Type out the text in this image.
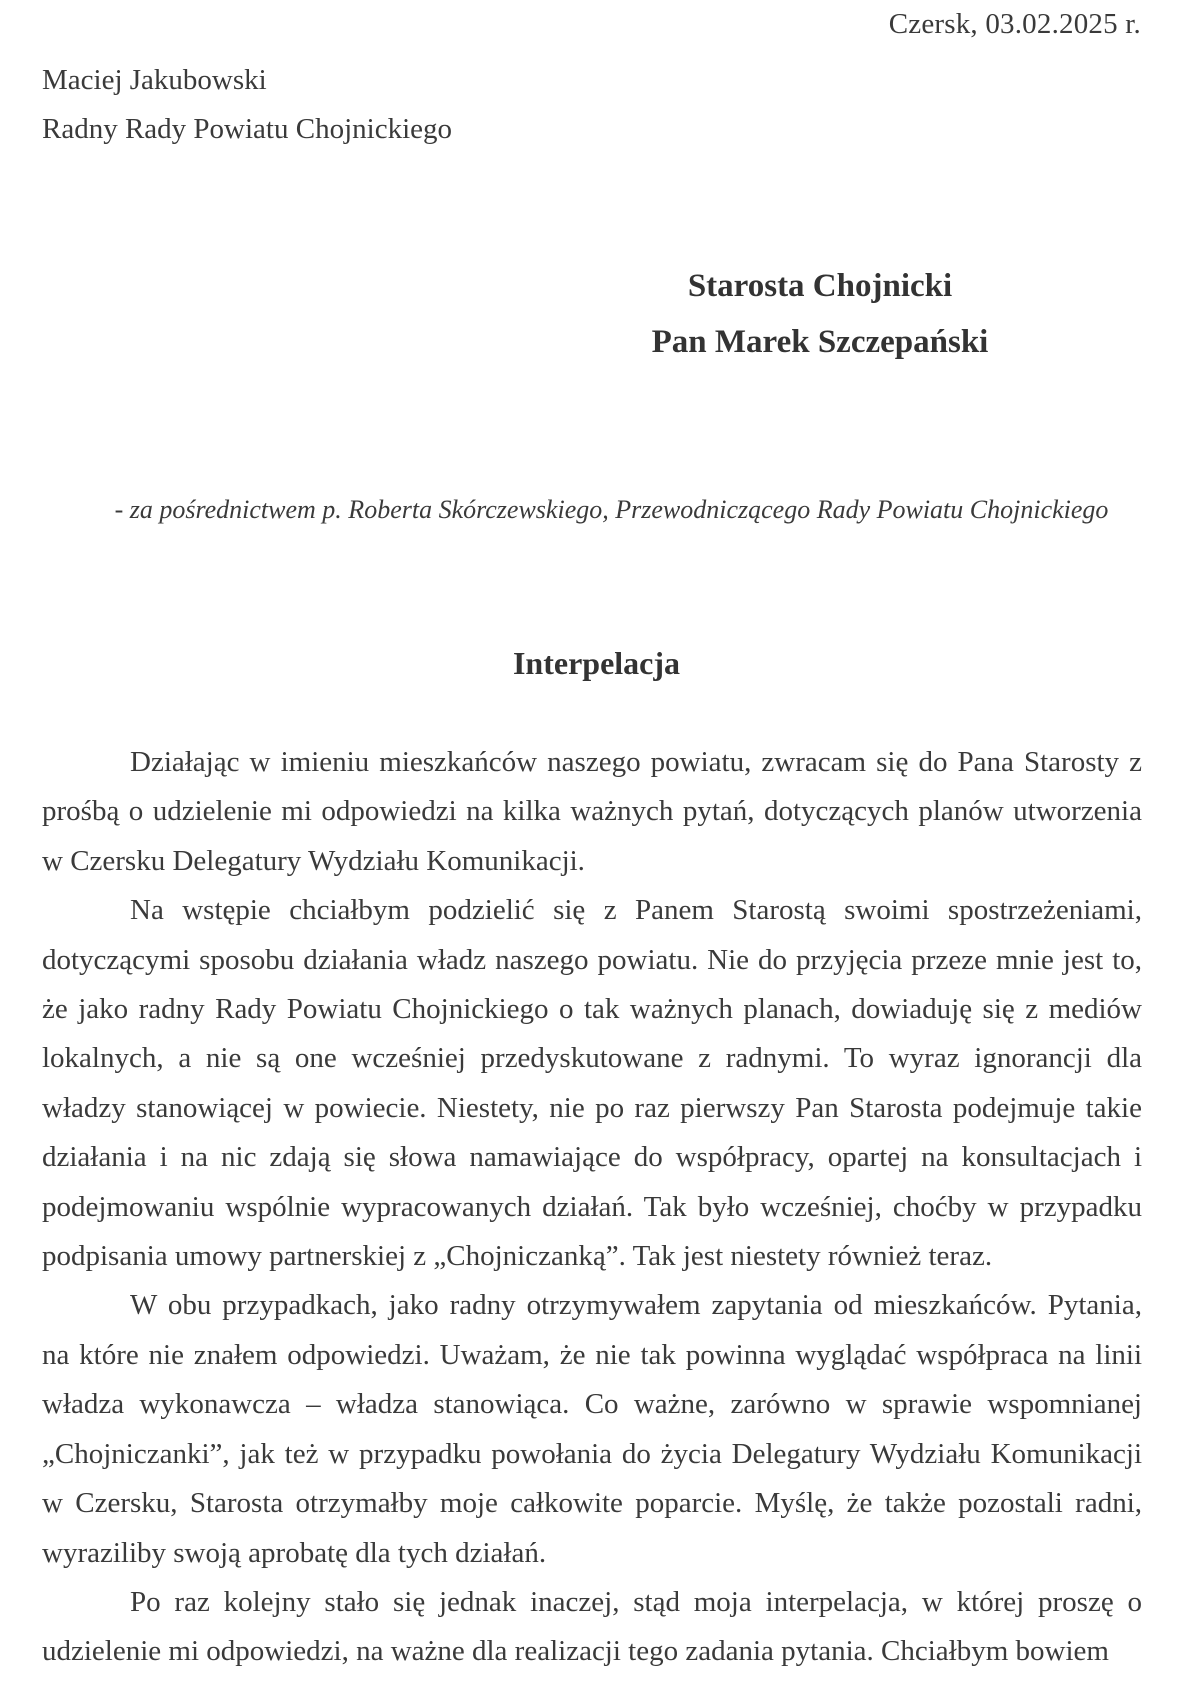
Czersk, 03.02.2025 r.
Maciej Jakubowski
Radny Rady Powiatu Chojnickiego
Starosta Chojnicki
Pan Marek Szczepański
- za pośrednictwem p. Roberta Skórczewskiego, Przewodniczącego Rady Powiatu Chojnickiego
Interpelacja

Działając w imieniu mieszkańców naszego powiatu, zwracam się do Pana Starosty z prośbą o udzielenie mi odpowiedzi na kilka ważnych pytań, dotyczących planów utworzenia w Czersku Delegatury Wydziału Komunikacji.

Na wstępie chciałbym podzielić się z Panem Starostą swoimi spostrzeżeniami, dotyczącymi sposobu działania władz naszego powiatu. Nie do przyjęcia przeze mnie jest to, że jako radny Rady Powiatu Chojnickiego o tak ważnych planach, dowiaduję się z mediów lokalnych, a nie są one wcześniej przedyskutowane z radnymi. To wyraz ignorancji dla władzy stanowiącej w powiecie. Niestety, nie po raz pierwszy Pan Starosta podejmuje takie działania i na nic zdają się słowa namawiające do współpracy, opartej na konsultacjach i podejmowaniu wspólnie wypracowanych działań. Tak było wcześniej, choćby w przypadku podpisania umowy partnerskiej z „Chojniczanką”. Tak jest niestety również teraz.

W obu przypadkach, jako radny otrzymywałem zapytania od mieszkańców. Pytania, na które nie znałem odpowiedzi. Uważam, że nie tak powinna wyglądać współpraca na linii władza wykonawcza – władza stanowiąca. Co ważne, zarówno w sprawie wspomnianej „Chojniczanki”, jak też w przypadku powołania do życia Delegatury Wydziału Komunikacji w Czersku, Starosta otrzymałby moje całkowite poparcie. Myślę, że także pozostali radni, wyraziliby swoją aprobatę dla tych działań.

Po raz kolejny stało się jednak inaczej, stąd moja interpelacja, w której proszę o udzielenie mi odpowiedzi, na ważne dla realizacji tego zadania pytania. Chciałbym bowiem
